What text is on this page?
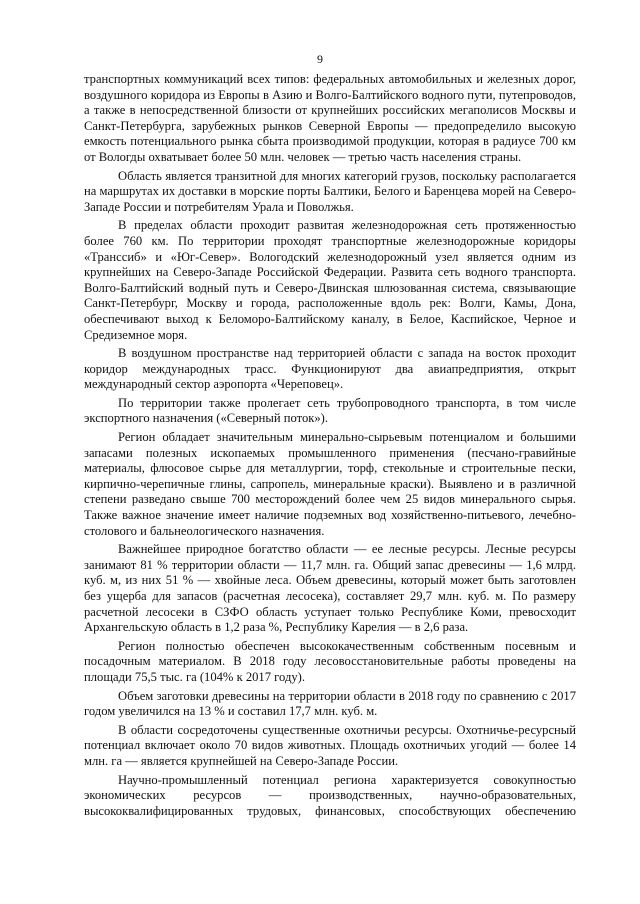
9

транспортных коммуникаций всех типов: федеральных автомобильных и железных дорог, воздушного коридора из Европы в Азию и Волго-Балтийского водного пути, путепроводов, а также в непосредственной близости от крупнейших российских мегаполисов Москвы и Санкт-Петербурга, зарубежных рынков Северной Европы — предопределило высокую емкость потенциального рынка сбыта производимой продукции, которая в радиусе 700 км от Вологды охватывает более 50 млн. человек — третью часть населения страны.

Область является транзитной для многих категорий грузов, поскольку располагается на маршрутах их доставки в морские порты Балтики, Белого и Баренцева морей на Северо-Западе России и потребителям Урала и Поволжья.

В пределах области проходит развитая железнодорожная сеть протяженностью более 760 км. По территории проходят транспортные железнодорожные коридоры «Транссиб» и «Юг-Север». Вологодский железнодорожный узел является одним из крупнейших на Северо-Западе Российской Федерации. Развита сеть водного транспорта. Волго-Балтийский водный путь и Северо-Двинская шлюзованная система, связывающие Санкт-Петербург, Москву и города, расположенные вдоль рек: Волги, Камы, Дона, обеспечивают выход к Беломоро-Балтийскому каналу, в Белое, Каспийское, Черное и Средиземное моря.

В воздушном пространстве над территорией области с запада на восток проходит коридор международных трасс. Функционируют два авиапредприятия, открыт международный сектор аэропорта «Череповец».

По территории также пролегает сеть трубопроводного транспорта, в том числе экспортного назначения («Северный поток»).

Регион обладает значительным минерально-сырьевым потенциалом и большими запасами полезных ископаемых промышленного применения (песчано-гравийные материалы, флюсовое сырье для металлургии, торф, стекольные и строительные пески, кирпично-черепичные глины, сапропель, минеральные краски). Выявлено и в различной степени разведано свыше 700 месторождений более чем 25 видов минерального сырья. Также важное значение имеет наличие подземных вод хозяйственно-питьевого, лечебно-столового и бальнеологического назначения.

Важнейшее природное богатство области — ее лесные ресурсы. Лесные ресурсы занимают 81 % территории области — 11,7 млн. га. Общий запас древесины — 1,6 млрд. куб. м, из них 51 % — хвойные леса. Объем древесины, который может быть заготовлен без ущерба для запасов (расчетная лесосека), составляет 29,7 млн. куб. м. По размеру расчетной лесосеки в СЗФО область уступает только Республике Коми, превосходит Архангельскую область в 1,2 раза %, Республику Карелия — в 2,6 раза.

Регион полностью обеспечен высококачественным собственным посевным и посадочным материалом. В 2018 году лесовосстановительные работы проведены на площади 75,5 тыс. га (104% к 2017 году).

Объем заготовки древесины на территории области в 2018 году по сравнению с 2017 годом увеличился на 13 % и составил 17,7 млн. куб. м.

В области сосредоточены существенные охотничьи ресурсы. Охотничье-ресурсный потенциал включает около 70 видов животных. Площадь охотничьих угодий — более 14 млн. га — является крупнейшей на Северо-Западе России.

Научно-промышленный потенциал региона характеризуется совокупностью экономических ресурсов — производственных, научно-образовательных, высококвалифицированных трудовых, финансовых, способствующих обеспечению
